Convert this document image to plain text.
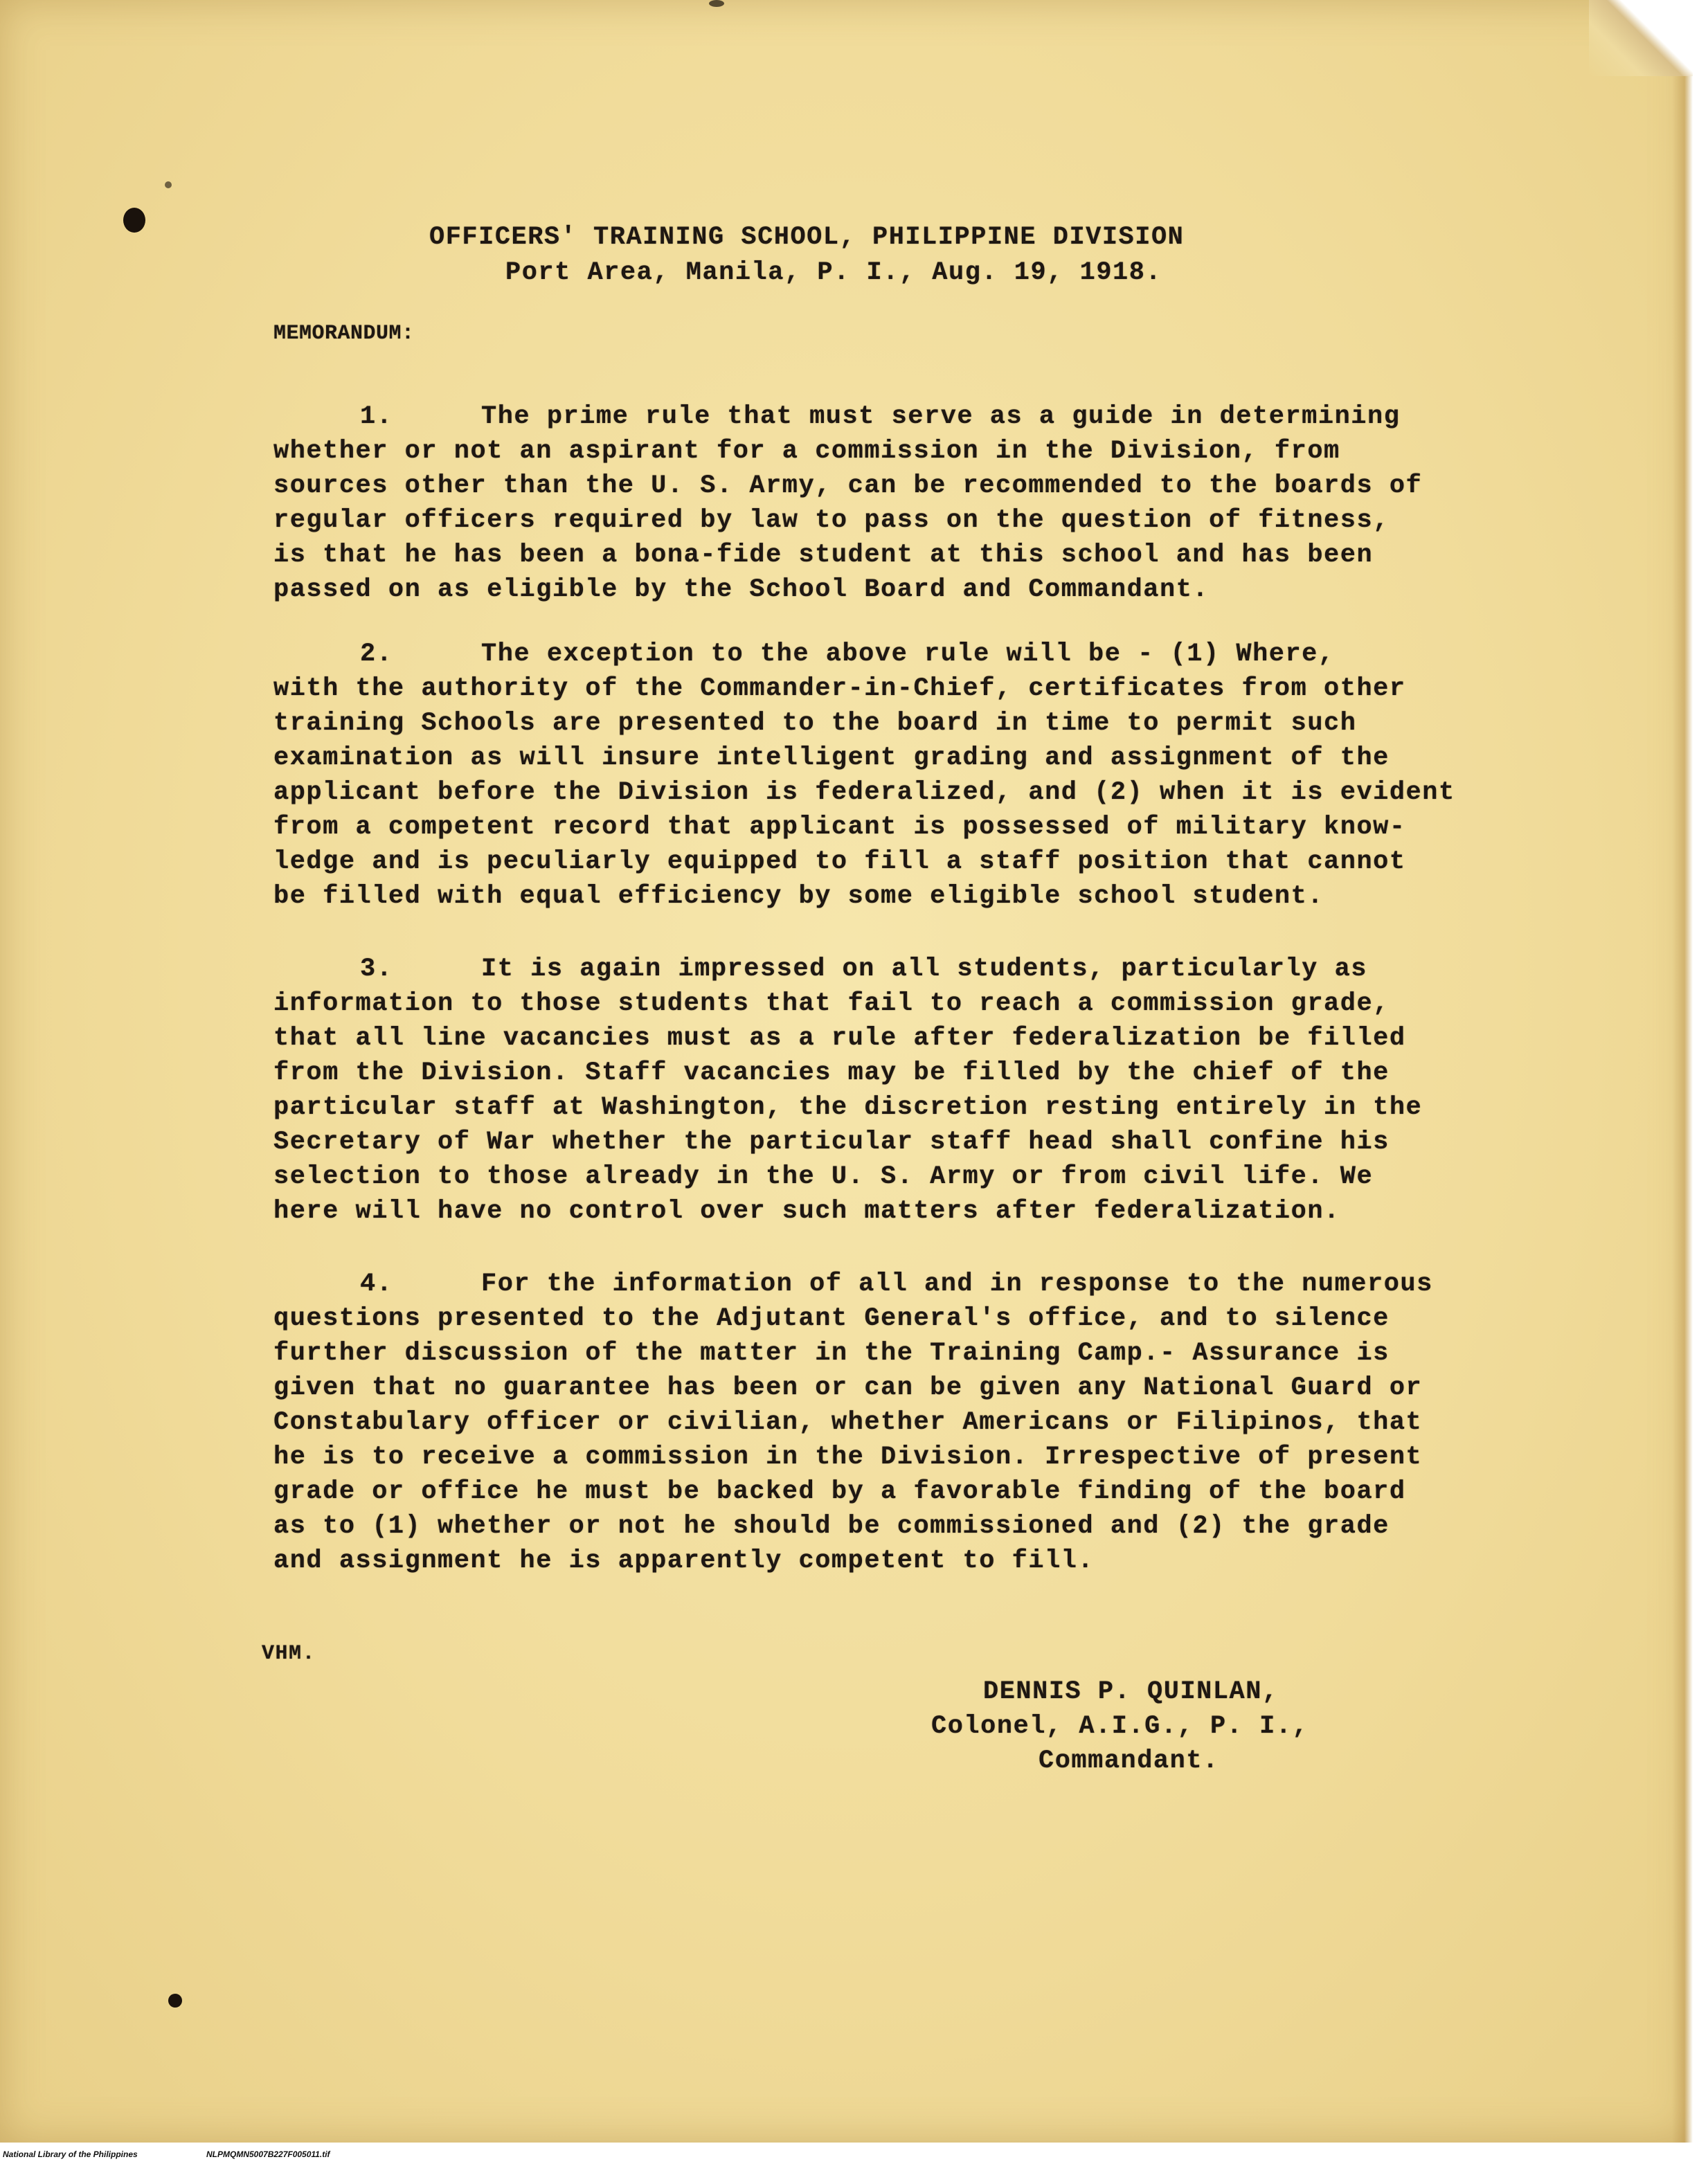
OFFICERS' TRAINING SCHOOL, PHILIPPINE DIVISION
Port Area, Manila, P. I., Aug. 19, 1918.
MEMORANDUM:
1.	The prime rule that must serve as a guide in determining
whether or not an aspirant for a commission in the Division, from
sources other than the U. S. Army, can be recommended to the boards of
regular officers required by law to pass on the question of fitness,
is that he has been a bona-fide student at this school and has been
passed on as eligible by the School Board and Commandant.
2.	The exception to the above rule will be - (1) Where,
with the authority of the Commander-in-Chief, certificates from other
training Schools are presented to the board in time to permit such
examination as will insure intelligent grading and assignment of the
applicant before the Division is federalized, and (2) when it is evident
from a competent record that applicant is possessed of military know-
ledge and is peculiarly equipped to fill a staff position that cannot
be filled with equal efficiency by some eligible school student.
3.	It is again impressed on all students, particularly as
information to those students that fail to reach a commission grade,
that all line vacancies must as a rule after federalization be filled
from the Division. Staff vacancies may be filled by the chief of the
particular staff at Washington, the discretion resting entirely in the
Secretary of War whether the particular staff head shall confine his
selection to those already in the U. S. Army or from civil life. We
here will have no control over such matters after federalization.
4.	For the information of all and in response to the numerous
questions presented to the Adjutant General's office, and to silence
further discussion of the matter in the Training Camp.- Assurance is
given that no guarantee has been or can be given any National Guard or
Constabulary officer or civilian, whether Americans or Filipinos, that
he is to receive a commission in the Division. Irrespective of present
grade or office he must be backed by a favorable finding of the board
as to (1) whether or not he should be commissioned and (2) the grade
and assignment he is apparently competent to fill.
DENNIS P. QUINLAN,
Colonel, A.I.G., P. I.,
Commandant.
VHM.
National Library of the Philippines	NLPMQMN5007B227F005011.tif
